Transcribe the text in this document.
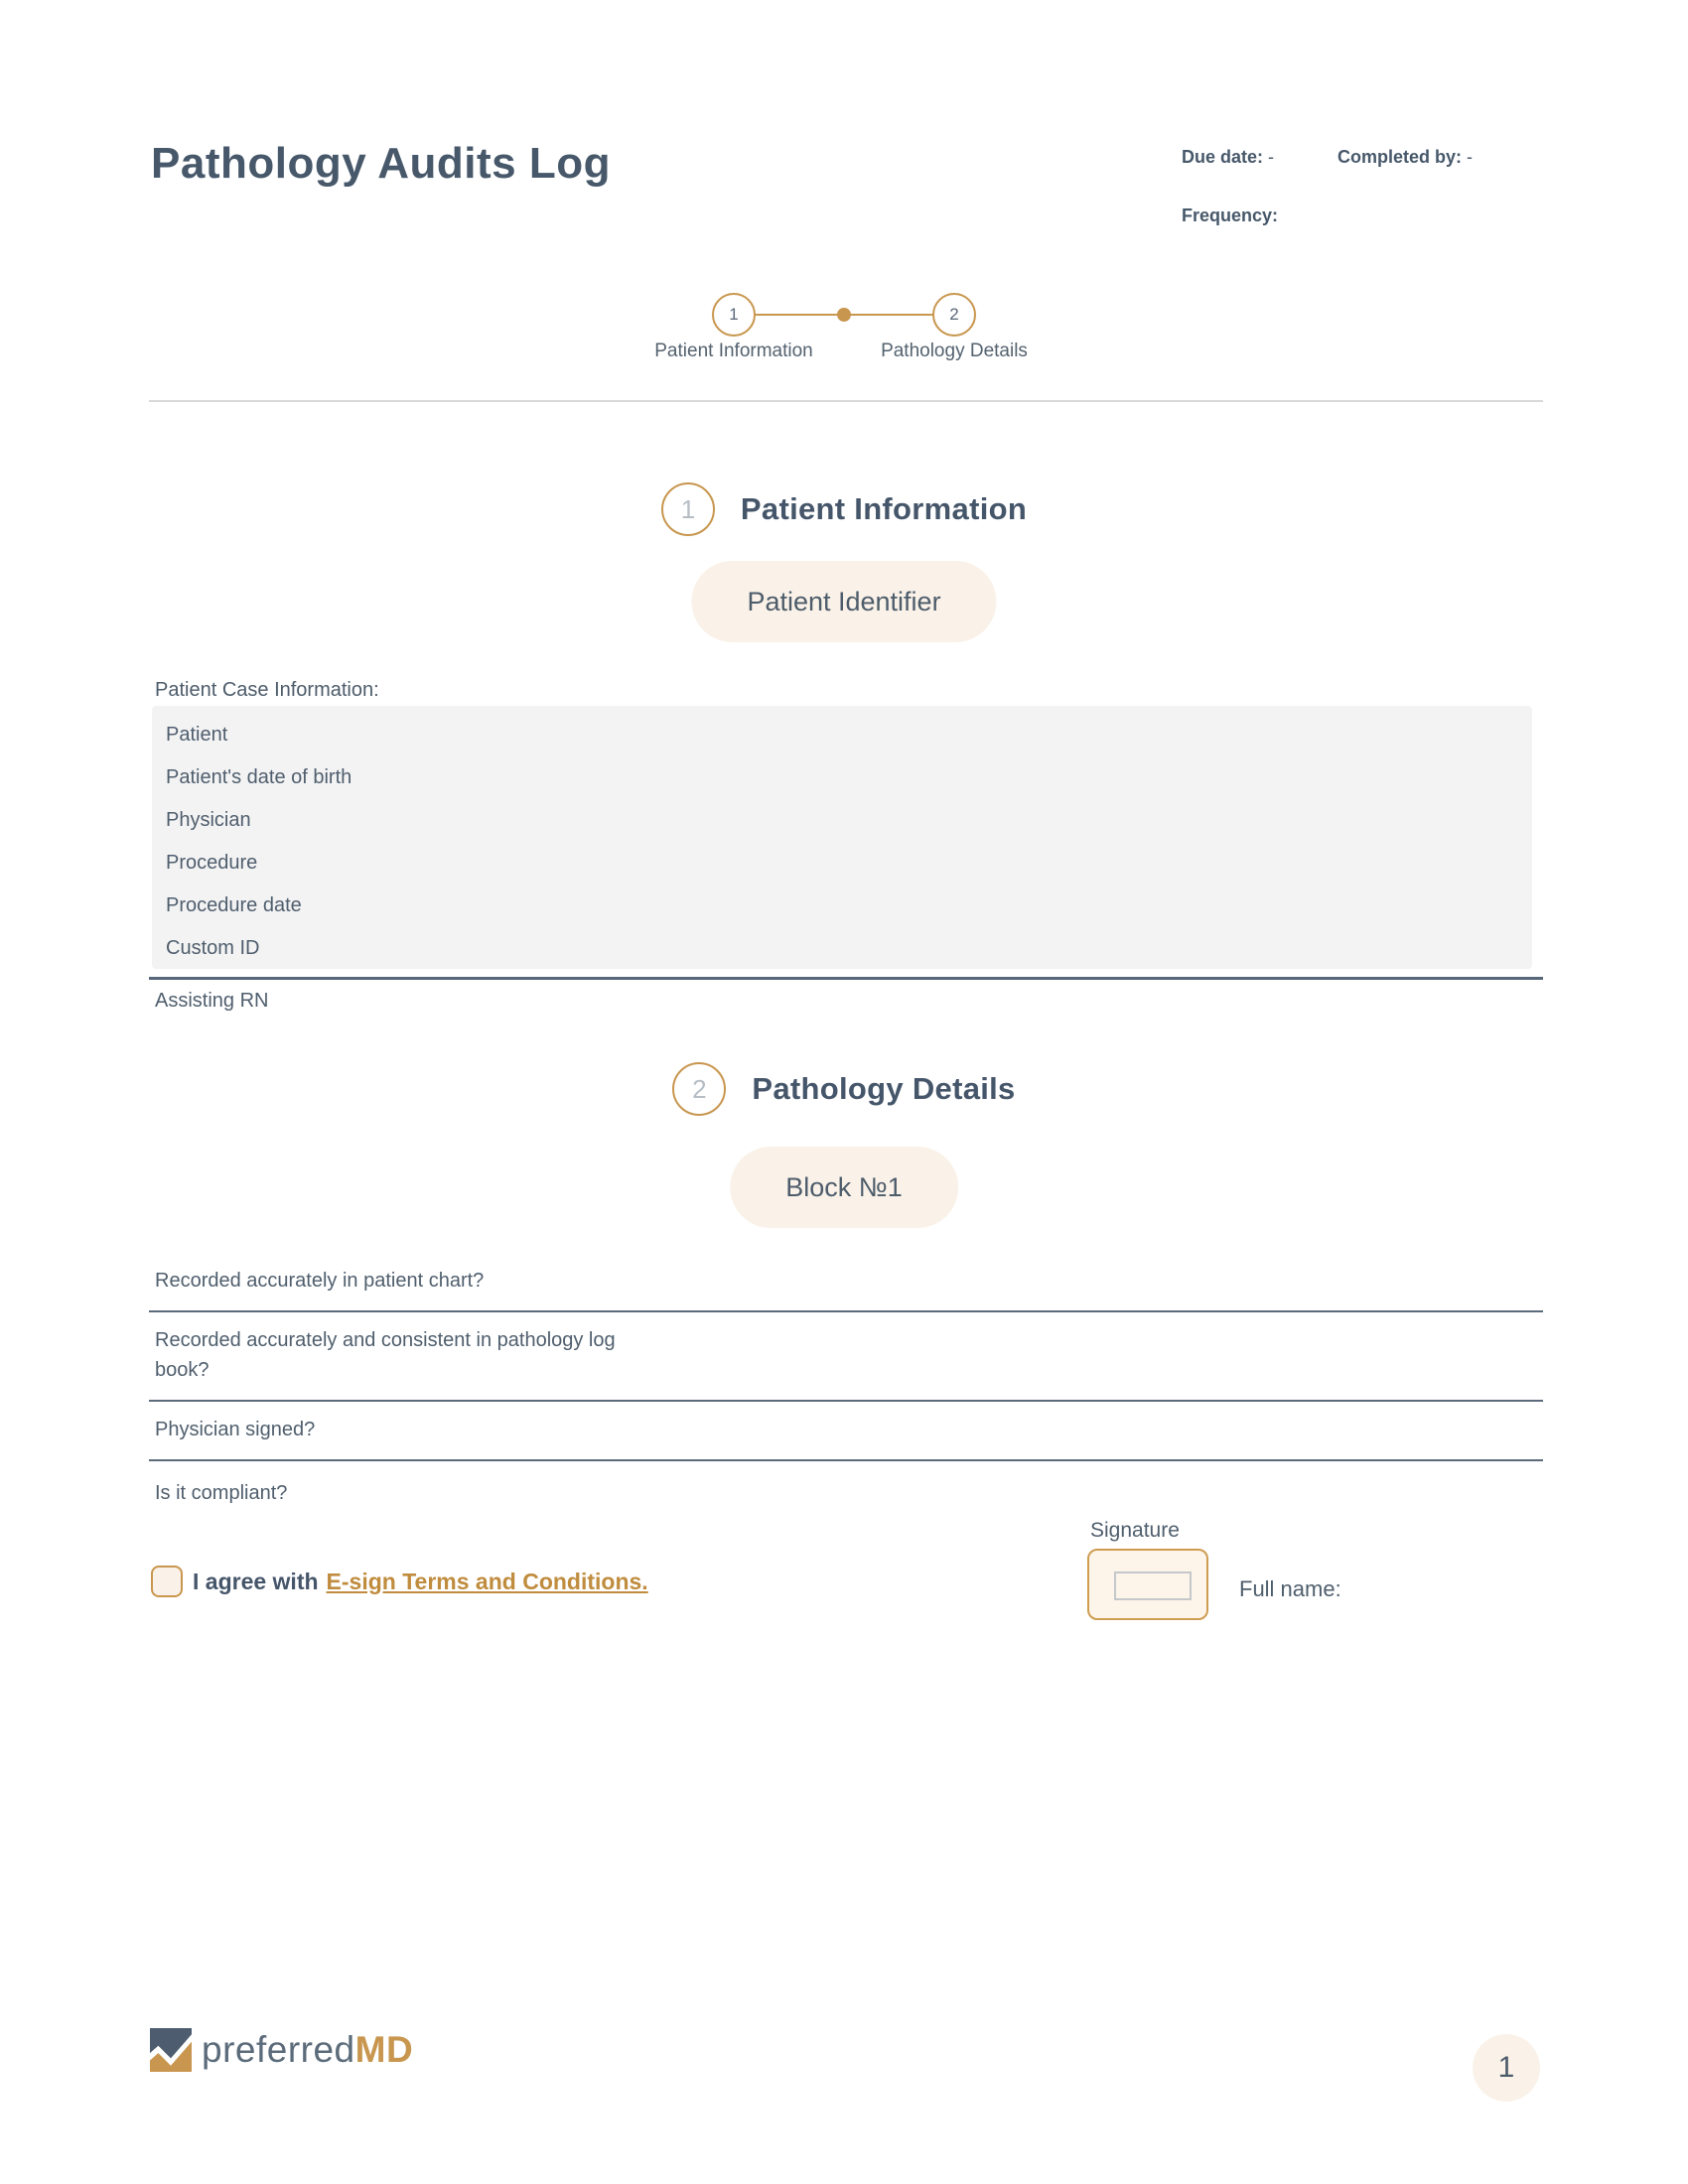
Pathology Audits Log	Due date: -	Completed by: -
Frequency:
1	2
Patient Information	Pathology Details
1	Patient Information
Patient Identifier
Patient Case Information:
Patient
Patient's date of birth
Physician
Procedure
Procedure date
Custom ID
Assisting RN
2	Pathology Details
Block №1
Recorded accurately in patient chart?
Recorded accurately and consistent in pathology log book?
Physician signed?
Is it compliant?
I agree with E-sign Terms and Conditions.
Signature
Full name:
preferredMD	1
